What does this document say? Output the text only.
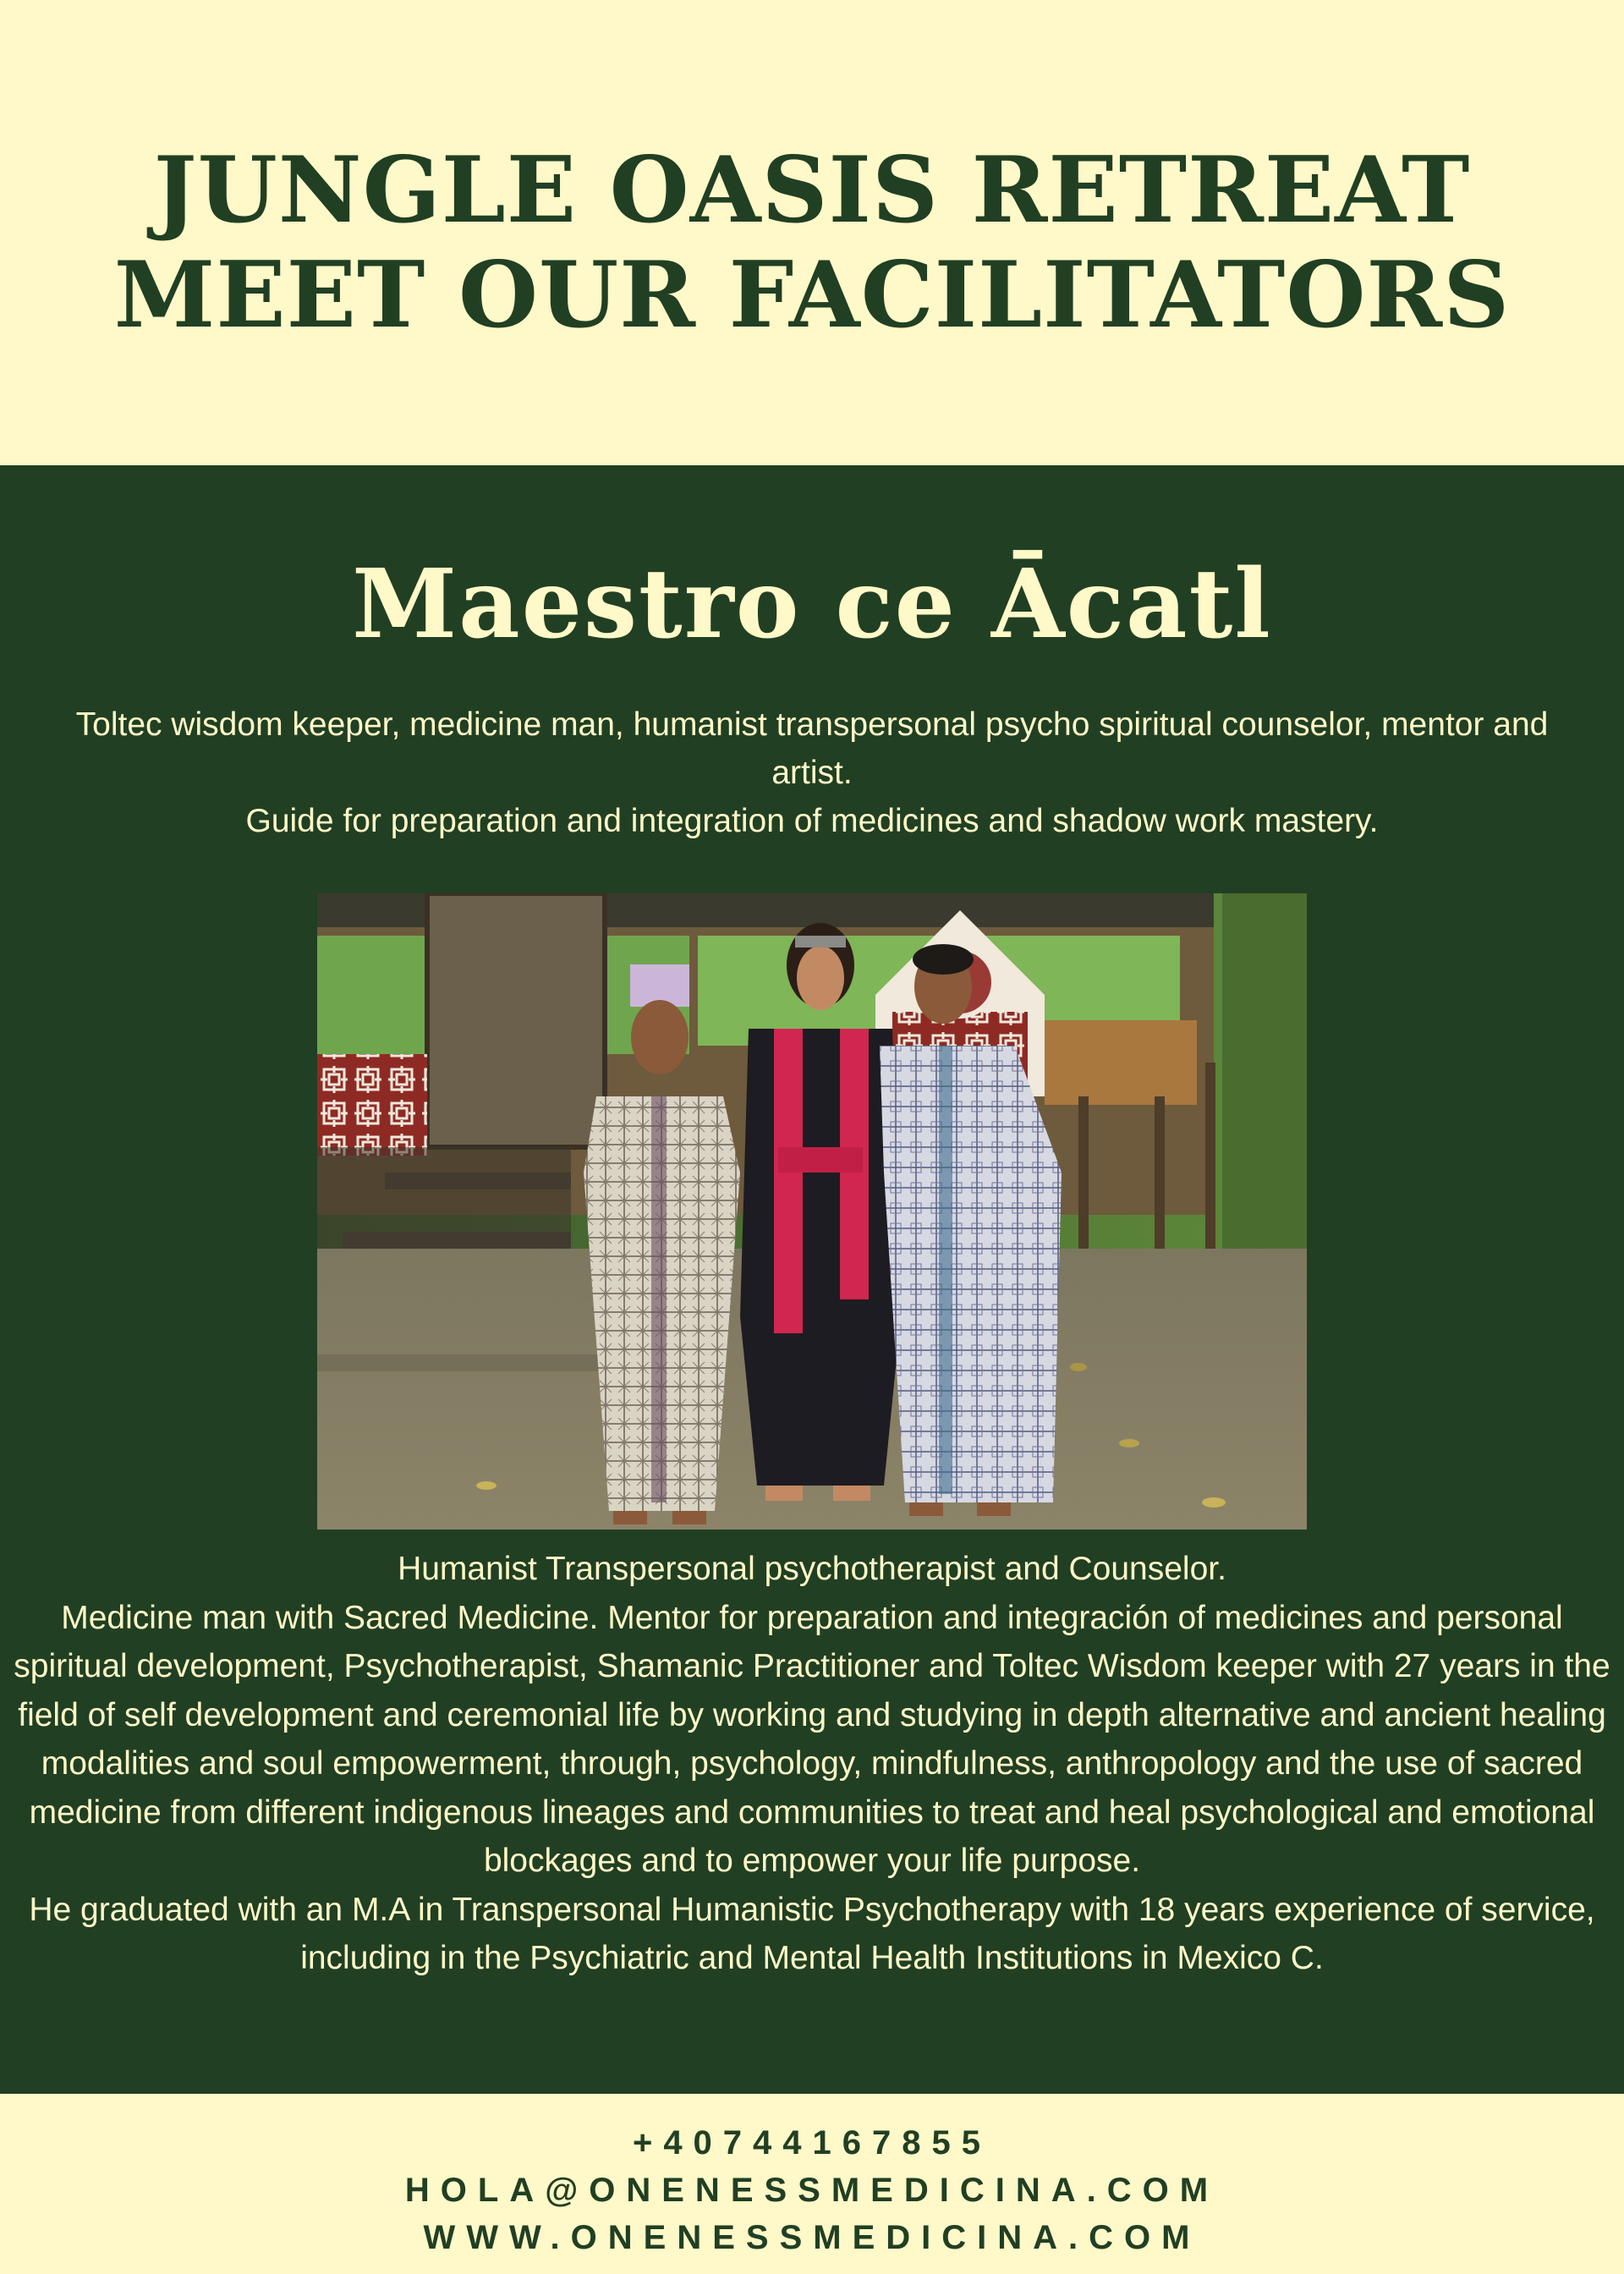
JUNGLE OASIS RETREAT
MEET OUR FACILITATORS
Maestro ce Ācatl

Toltec wisdom keeper, medicine man, humanist transpersonal psycho spiritual counselor, mentor and artist.

Guide for preparation and integration of medicines and shadow work mastery.

Humanist Transpersonal psychotherapist and Counselor.

Medicine man with Sacred Medicine. Mentor for preparation and integración of medicines and personal spiritual development, Psychotherapist, Shamanic Practitioner and Toltec Wisdom keeper with 27 years in the field of self development and ceremonial life by working and studying in depth alternative and ancient healing modalities and soul empowerment, through, psychology, mindfulness, anthropology and the use of sacred medicine from different indigenous lineages and communities to treat and heal psychological and emotional blockages and to empower your life purpose.

He graduated with an M.A in Transpersonal Humanistic Psychotherapy with 18 years experience of service, including in the Psychiatric and Mental Health Institutions in Mexico C.

+40744167855
HOLA@ONENESSMEDICINA.COM
WWW.ONENESSMEDICINA.COM
